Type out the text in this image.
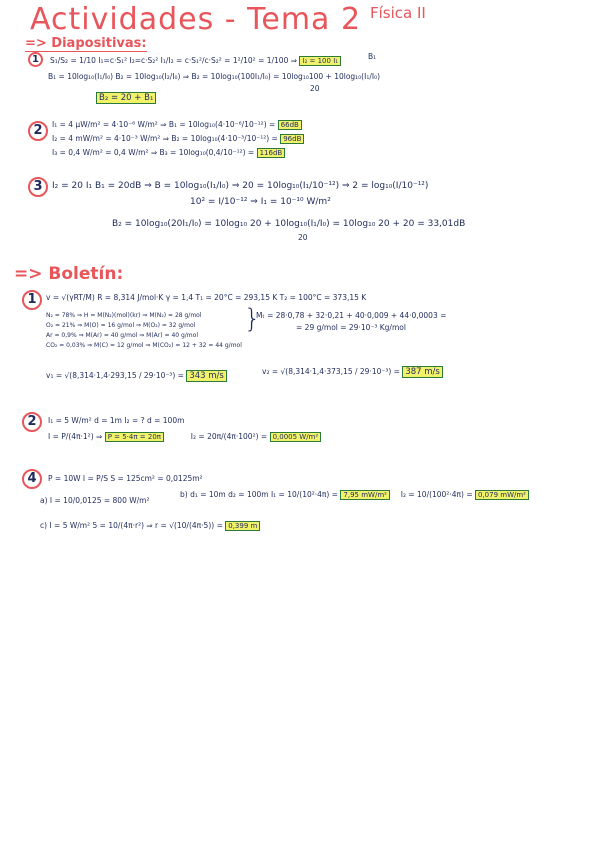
Actividades - Tema 2 Física II
=> Diapositivas:
1	S₁/S₂ = 1/10 I₁=c·S₁² I₂=c·S₂² I₁/I₂ = c·S₁²/c·S₂² = 1²/10² = 1/100 ⇒ I₂ = 100 I₁	B₁
B₁ = 10log₁₀(I₁/I₀) B₂ = 10log₁₀(I₂/I₀) ⇒ B₂ = 10log₁₀(100I₁/I₀) = 10log₁₀100 + 10log₁₀(I₁/I₀)
20
B₂ = 20 + B₁
2	I₁ = 4 μW/m² = 4·10⁻⁶ W/m² ⇒ B₁ = 10log₁₀(4·10⁻⁶/10⁻¹²) = 66dB
I₂ = 4 mW/m² = 4·10⁻³ W/m² ⇒ B₂ = 10log₁₀(4·10⁻³/10⁻¹²) = 96dB
I₃ = 0,4 W/m² = 0,4 W/m² ⇒ B₃ = 10log₁₀(0,4/10⁻¹²) = 116dB
3	I₂ = 20 I₁ B₁ = 20dB ⇒ B = 10log₁₀(I₁/I₀) ⇒ 20 = 10log₁₀(I₁/10⁻¹²) ⇒ 2 = log₁₀(I/10⁻¹²)
10² = I/10⁻¹² ⇒ I₁ = 10⁻¹⁰ W/m²
B₂ = 10log₁₀(20I₁/I₀) = 10log₁₀ 20 + 10log₁₀(I₁/I₀) = 10log₁₀ 20 + 20 = 33,01dB
20
=> Boletín:
1	v = √(γRT/M) R = 8,314 J/mol·K γ = 1,4 T₁ = 20°C = 293,15 K T₂ = 100°C = 373,15 K
N₂ = 78% ⇒ H = M(N₂)(mol)(kr) ⇒ M(N₂) = 28 g/mol
O₂ = 21% ⇒ M(O) = 16 g/mol ⇒ M(O₂) = 32 g/mol
Ar = 0,9% ⇒ M(Ar) = 40 g/mol ⇒ M(Ar) = 40 g/mol
CO₂ = 0,03% ⇒ M(C) = 12 g/mol ⇒ M(CO₂) = 12 + 32 = 44 g/mol
}
Mₜ = 28·0,78 + 32·0,21 + 40·0,009 + 44·0,0003 =
= 29 g/mol = 29·10⁻³ Kg/mol
v₁ = √(8,314·1,4·293,15 / 29·10⁻³) = 343 m/s	v₂ = √(8,314·1,4·373,15 / 29·10⁻³) = 387 m/s
2	I₁ = 5 W/m² d = 1m I₂ = ? d = 100m
I = P/(4π·1²) ⇒ P = 5·4π = 20π	I₂ = 20π/(4π·100²) = 0,0005 W/m²
4	P = 10W I = P/S S = 125cm² = 0,0125m²
a) I = 10/0,0125 = 800 W/m²
b) d₁ = 10m d₂ = 100m I₁ = 10/(10²·4π) = 7,95 mW/m² I₂ = 10/(100²·4π) = 0,079 mW/m²
c) I = 5 W/m² 5 = 10/(4π·r²) ⇒ r = √(10/(4π·5)) = 0,399 m
